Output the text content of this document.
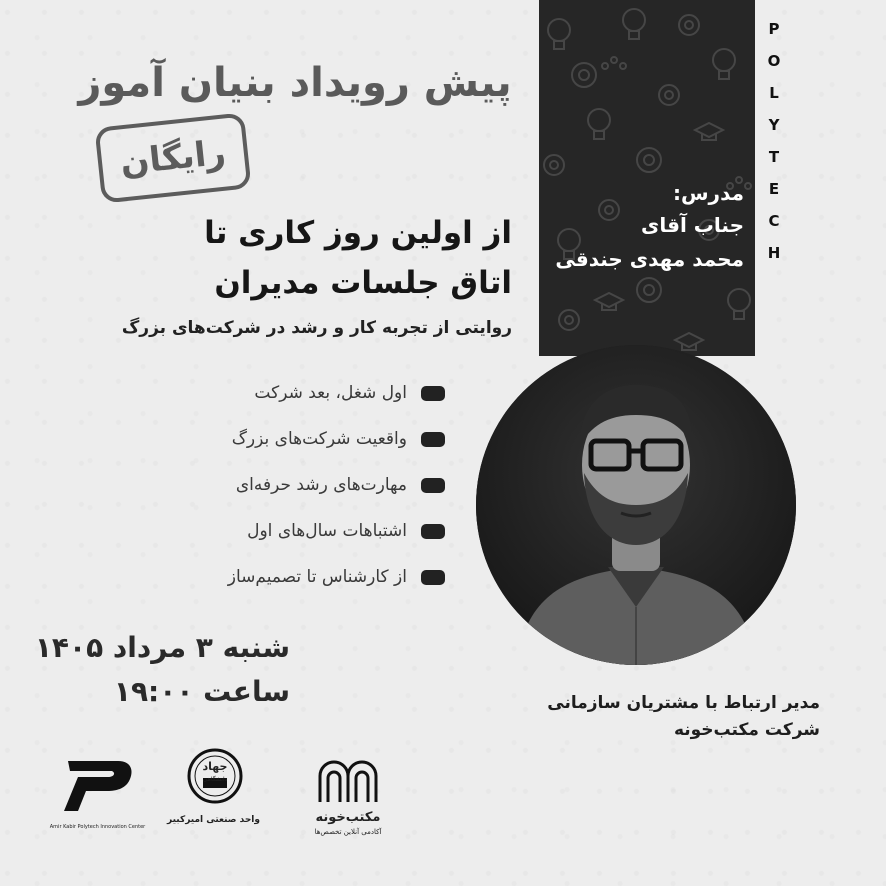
P
O
L
Y
T
E
C
H
پیش رویداد بنیان آموز
رایگان
از اولین روز کاری تا
اتاق جلسات مدیران
روایتی از تجربه کار و رشد در شرکت‌های بزرگ
اول شغل، بعد شرکت
واقعیت شرکت‌های بزرگ
مهارت‌های رشد حرفه‌ای
اشتباهات سال‌های اول
از کارشناس تا تصمیم‌ساز
مدرس:
جناب آقای
محمد مهدی جندقی
مدیر ارتباط با مشتریان سازمانی
شرکت مکتب‌خونه
شنبه ۳ مرداد ۱۴۰۵
ساعت ۱۹:۰۰
Amir Kabir Polytech Innovation Center
جهاد
دانشگاهی
واحد صنعتی امیرکبیر	مکتب‌خونه
آکادمی آنلاین تخصص‌ها
